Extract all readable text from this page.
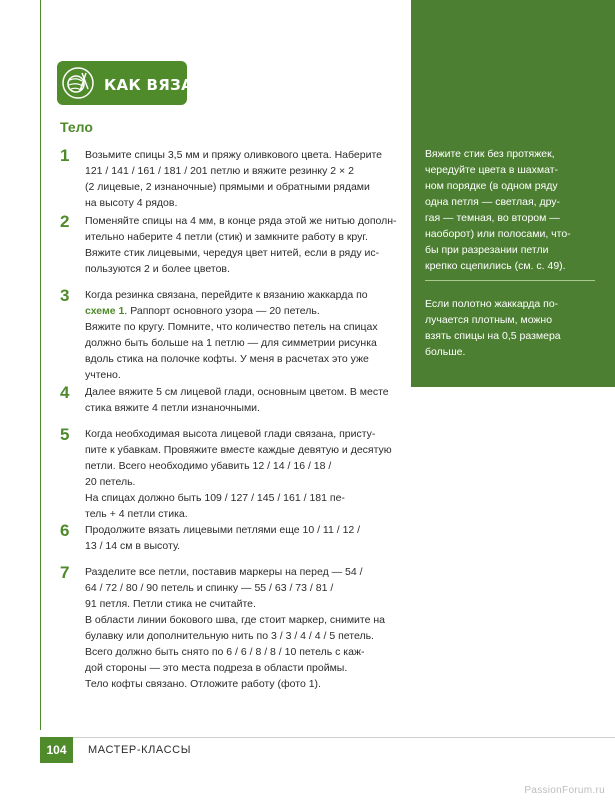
КАК ВЯЗАТЬ
Тело
1 Возьмите спицы 3,5 мм и пряжу оливкового цвета. Наберите
121 / 141 / 161 / 181 / 201 петлю и вяжите резинку 2 × 2
(2 лицевые, 2 изнаночные) прямыми и обратными рядами
на высоту 4 рядов.
2 Поменяйте спицы на 4 мм, в конце ряда этой же нитью дополн-
ительно наберите 4 петли (стик) и замкните работу в круг.
Вяжите стик лицевыми, чередуя цвет нитей, если в ряду ис-
пользуются 2 и более цветов.
3 Когда резинка связана, перейдите к вязанию жаккарда по
схеме 1. Раппорт основного узора — 20 петель.
Вяжите по кругу. Помните, что количество петель на спицах
должно быть больше на 1 петлю — для симметрии рисунка
вдоль стика на полочке кофты. У меня в расчетах это уже
учтено.
4 Далее вяжите 5 см лицевой глади, основным цветом. В месте
стика вяжите 4 петли изнаночными.
5 Когда необходимая высота лицевой глади связана, присту-
пите к убавкам. Провяжите вместе каждые девятую и десятую
петли. Всего необходимо убавить 12 / 14 / 16 / 18 /
20 петель.
На спицах должно быть 109 / 127 / 145 / 161 / 181 пе-
тель + 4 петли стика.
6 Продолжите вязать лицевыми петлями еще 10 / 11 / 12 /
13 / 14 см в высоту.
7 Разделите все петли, поставив маркеры на перед — 54 /
64 / 72 / 80 / 90 петель и спинку — 55 / 63 / 73 / 81 /
91 петля. Петли стика не считайте.
В области линии бокового шва, где стоит маркер, снимите на
булавку или дополнительную нить по 3 / 3 / 4 / 4 / 5 петель.
Всего должно быть снято по 6 / 6 / 8 / 8 / 10 петель с каж-
дой стороны — это места подреза в области проймы.
Тело кофты связано. Отложите работу (фото 1).
Вяжите стик без протяжек,
чередуйте цвета в шахмат-
ном порядке (в одном ряду
одна петля — светлая, дру-
гая — темная, во втором —
наоборот) или полосами, что-
бы при разрезании петли
крепко сцепились (см. с. 49).
Если полотно жаккарда по-
лучается плотным, можно
взять спицы на 0,5 размера
больше.
104	МАСТЕР-КЛАССЫ
PassionForum.ru
